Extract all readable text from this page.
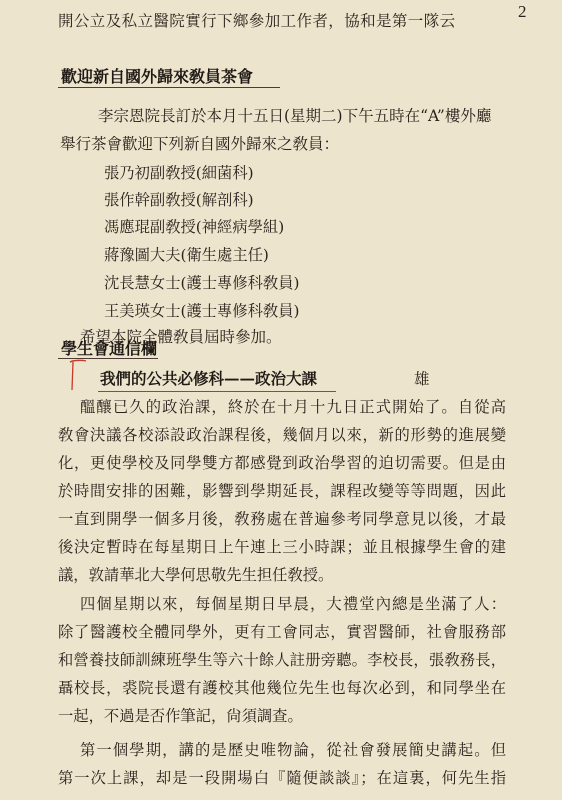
2
開公立及私立醫院實行下鄉參加工作者，協和是第一隊云
歡迎新自國外歸來敎員茶會
李宗恩院長訂於本月十五日(星期二)下午五時在“A”樓外廳
舉行茶會歡迎下列新自國外歸來之敎員：
張乃初副敎授(細菌科)
張作幹副敎授(解剖科)
馮應琨副敎授(神經病學組)
蔣豫圖大夫(衛生處主任)
沈長慧女士(護士專修科敎員)
王美瑛女士(護士專修科敎員)
希望本院全體敎員屆時參加。
學生會通信欄
我們的公共必修科——政治大課	雄
醞釀已久的政治課，終於在十月十九日正式開始了。自從高
敎會決議各校添設政治課程後，幾個月以來，新的形勢的進展變
化，更使學校及同學雙方都感覺到政治學習的迫切需要。但是由
於時間安排的困難，影響到學期延長，課程改變等等問題，因此
一直到開學一個多月後，敎務處在普遍參考同學意見以後，才最
後決定暫時在每星期日上午連上三小時課；並且根據學生會的建
議，敦請華北大學何思敬先生担任敎授。
四個星期以來，每個星期日早晨，大禮堂內總是坐滿了人：
除了醫護校全體同學外，更有工會同志，實習醫師，社會服務部
和營養技師訓練班學生等六十餘人註册旁聽。李校長，張敎務長，
聶校長，裘院長還有護校其他幾位先生也每次必到，和同學坐在
一起，不過是否作筆記，尙須調查。
第一個學期，講的是歷史唯物論，從社會發展簡史講起。但
第一次上課，却是一段開場白『隨便談談』；在這裏，何先生指
